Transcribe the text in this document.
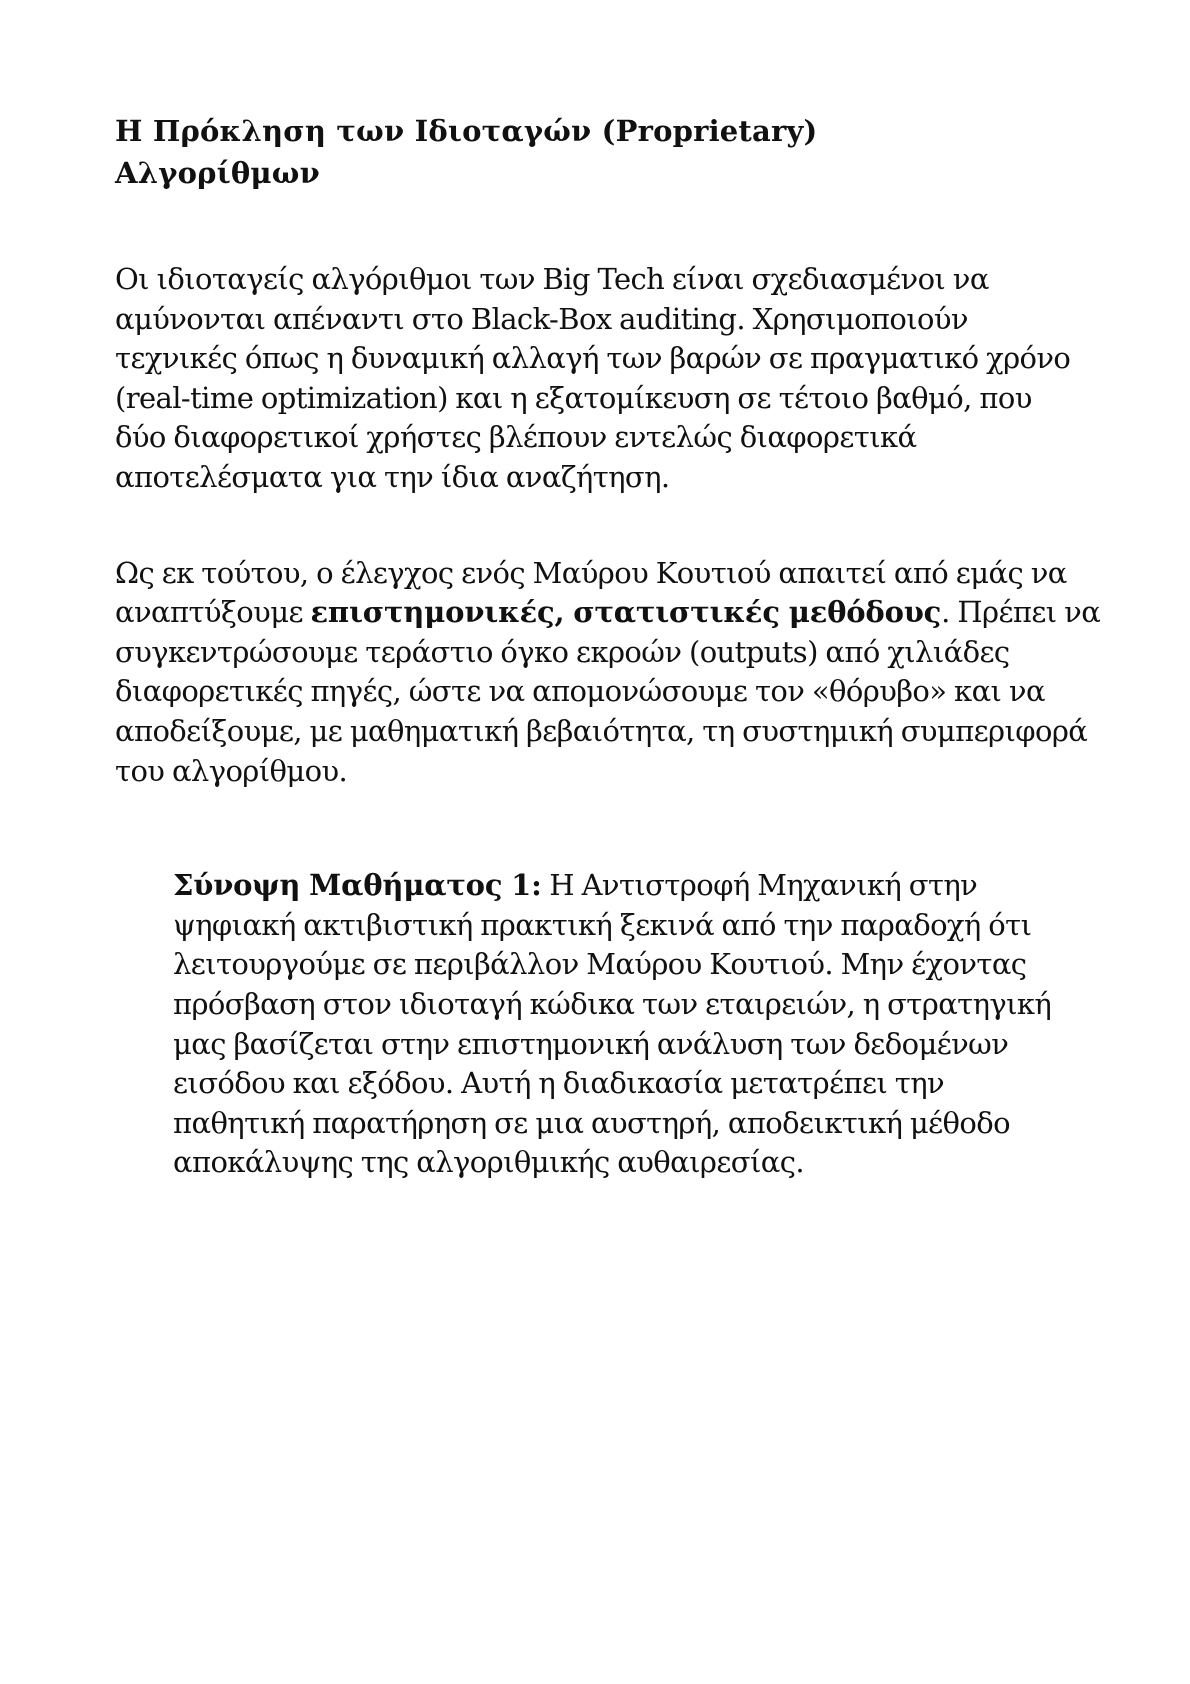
Η Πρόκληση των Ιδιοταγών (Proprietary) Αλγορίθμων

Οι ιδιοταγείς αλγόριθμοι των Big Tech είναι σχεδιασμένοι να αμύνονται απέναντι στο Black-Box auditing. Χρησιμοποιούν τεχνικές όπως η δυναμική αλλαγή των βαρών σε πραγματικό χρόνο (real-time optimization) και η εξατομίκευση σε τέτοιο βαθμό, που δύο διαφορετικοί χρήστες βλέπουν εντελώς διαφορετικά αποτελέσματα για την ίδια αναζήτηση.

Ως εκ τούτου, ο έλεγχος ενός Μαύρου Κουτιού απαιτεί από εμάς να αναπτύξουμε επιστημονικές, στατιστικές μεθόδους. Πρέπει να συγκεντρώσουμε τεράστιο όγκο εκροών (outputs) από χιλιάδες διαφορετικές πηγές, ώστε να απομονώσουμε τον «θόρυβο» και να αποδείξουμε, με μαθηματική βεβαιότητα, τη συστημική συμπεριφορά του αλγορίθμου.

Σύνοψη Μαθήματος 1: Η Αντιστροφή Μηχανική στην ψηφιακή ακτιβιστική πρακτική ξεκινά από την παραδοχή ότι λειτουργούμε σε περιβάλλον Μαύρου Κουτιού. Μην έχοντας πρόσβαση στον ιδιοταγή κώδικα των εταιρειών, η στρατηγική μας βασίζεται στην επιστημονική ανάλυση των δεδομένων εισόδου και εξόδου. Αυτή η διαδικασία μετατρέπει την παθητική παρατήρηση σε μια αυστηρή, αποδεικτική μέθοδο αποκάλυψης της αλγοριθμικής αυθαιρεσίας.
